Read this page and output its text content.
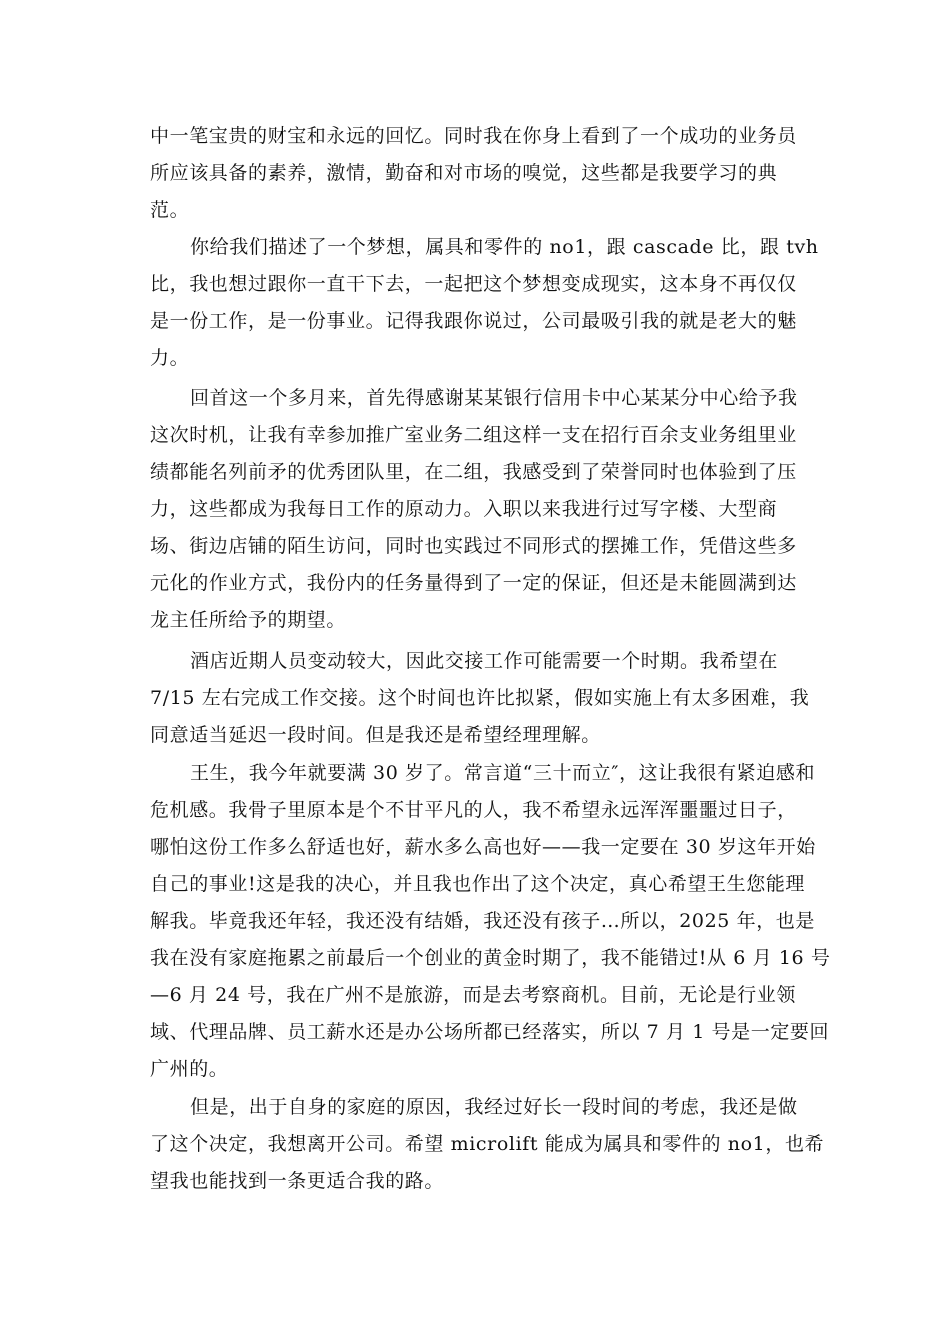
中一笔宝贵的财宝和永远的回忆。同时我在你身上看到了一个成功的业务员
所应该具备的素养，激情，勤奋和对市场的嗅觉，这些都是我要学习的典
范。
你给我们描述了一个梦想，属具和零件的 no1，跟 cascade 比，跟 tvh
比，我也想过跟你一直干下去，一起把这个梦想变成现实，这本身不再仅仅
是一份工作，是一份事业。记得我跟你说过，公司最吸引我的就是老大的魅
力。
回首这一个多月来，首先得感谢某某银行信用卡中心某某分中心给予我
这次时机，让我有幸参加推广室业务二组这样一支在招行百余支业务组里业
绩都能名列前矛的优秀团队里，在二组，我感受到了荣誉同时也体验到了压
力，这些都成为我每日工作的原动力。入职以来我进行过写字楼、大型商
场、街边店铺的陌生访问，同时也实践过不同形式的摆摊工作，凭借这些多
元化的作业方式，我份内的任务量得到了一定的保证，但还是未能圆满到达
龙主任所给予的期望。
酒店近期人员变动较大，因此交接工作可能需要一个时期。我希望在
7/15 左右完成工作交接。这个时间也许比拟紧，假如实施上有太多困难，我
同意适当延迟一段时间。但是我还是希望经理理解。
王生，我今年就要满 30 岁了。常言道“三十而立″，这让我很有紧迫感和
危机感。我骨子里原本是个不甘平凡的人，我不希望永远浑浑噩噩过日子，
哪怕这份工作多么舒适也好，薪水多么高也好——我一定要在 30 岁这年开始
自己的事业!这是我的决心，并且我也作出了这个决定，真心希望王生您能理
解我。毕竟我还年轻，我还没有结婚，我还没有孩子…所以，2025 年，也是
我在没有家庭拖累之前最后一个创业的黄金时期了，我不能错过!从 6 月 16 号
—6 月 24 号，我在广州不是旅游，而是去考察商机。目前，无论是行业领
域、代理品牌、员工薪水还是办公场所都已经落实，所以 7 月 1 号是一定要回
广州的。
但是，出于自身的家庭的原因，我经过好长一段时间的考虑，我还是做
了这个决定，我想离开公司。希望 microlift 能成为属具和零件的 no1，也希
望我也能找到一条更适合我的路。
